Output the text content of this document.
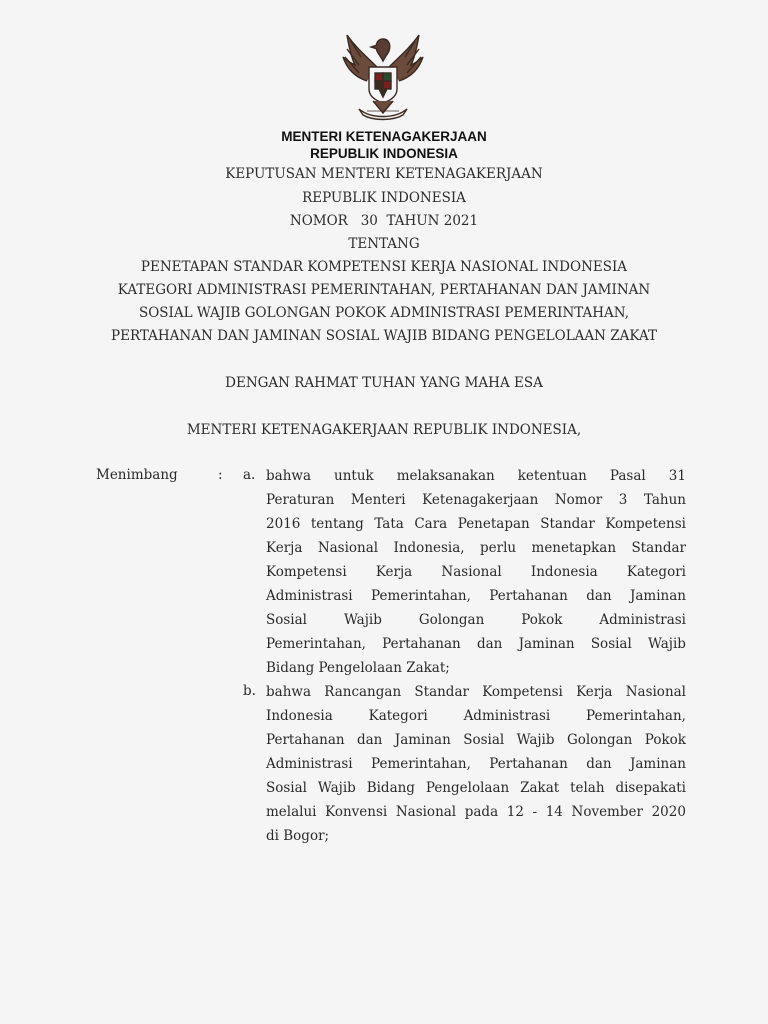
MENTERI KETENAGAKERJAAN
REPUBLIK INDONESIA
KEPUTUSAN MENTERI KETENAGAKERJAAN
REPUBLIK INDONESIA
NOMOR   30  TAHUN 2021
TENTANG
PENETAPAN STANDAR KOMPETENSI KERJA NASIONAL INDONESIA
KATEGORI ADMINISTRASI PEMERINTAHAN, PERTAHANAN DAN JAMINAN
SOSIAL WAJIB GOLONGAN POKOK ADMINISTRASI PEMERINTAHAN,
PERTAHANAN DAN JAMINAN SOSIAL WAJIB BIDANG PENGELOLAAN ZAKAT
DENGAN RAHMAT TUHAN YANG MAHA ESA
MENTERI KETENAGAKERJAAN REPUBLIK INDONESIA,
Menimbang	: a. bahwa untuk melaksanakan ketentuan Pasal 31
Peraturan Menteri Ketenagakerjaan Nomor 3 Tahun
2016 tentang Tata Cara Penetapan Standar Kompetensi
Kerja Nasional Indonesia, perlu menetapkan Standar
Kompetensi Kerja Nasional Indonesia Kategori
Administrasi Pemerintahan, Pertahanan dan Jaminan
Sosial	Wajib	Golongan	Pokok	Administrasi
Pemerintahan, Pertahanan dan Jaminan Sosial Wajib
Bidang Pengelolaan Zakat;
b. bahwa Rancangan Standar Kompetensi Kerja Nasional
Indonesia	Kategori	Administrasi	Pemerintahan,
Pertahanan dan Jaminan Sosial Wajib Golongan Pokok
Administrasi Pemerintahan, Pertahanan dan Jaminan
Sosial Wajib Bidang Pengelolaan Zakat telah disepakati
melalui Konvensi Nasional pada 12 - 14 November 2020
di Bogor;
